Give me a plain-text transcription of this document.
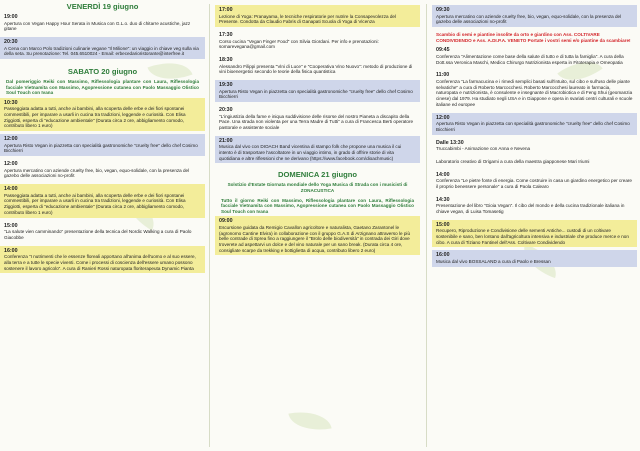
VENERDÌ 19 giugno
19:00
Apertura con Vegan Happy Hour Serata in Musica con G.L.o. duo di chitarre acustiche, jazz gitane
20:30
A Cena con Marco Polo tradizioni culinarie vegane "Il Milione": un viaggio in chiave veg sulla via della seta. Su prenotazione: Tel. 045.6510024 - Email: erbecedarioristorante@interfree.it
SABATO 20 giugno
Dal pomeriggio Reiki con Massimo, Riflessologia plantare con Laura, Riflessologia facciale Vietnamita con Massimo, Agopressione cutanea con Paolo Massaggio Olistico Soul Touch con Ivana
10:30
Passeggiata adatta a tutti, anche ai bambini, alla scoperta delle erbe e dei fiori spontanei commestibili, per imparare a usarli in cucina tra tradizioni, leggende e curiosità. Con Elisa Ziggiotti, esperta di "educazione ambientale" (Durata circa 2 ore, abbigliamento comodo, contributo libero 1 euro)
12:00
Apertura Risto Vegan in piazzetta con specialità gastronomiche "cruelty free" dello chef Cosimo Bicchierri
12:00
Apertura mercatino con aziende cruelty free, bio, vegan, equo-solidale, con la presenza del gazebo delle associazioni no-profit
14:00
Passeggiata adatta a tutti, anche ai bambini, alla scoperta delle erbe e dei fiori spontanei commestibili, per imparare a usarli in cucina tra tradizioni, leggende e curiosità. Con Elisa Ziggiotti, esperta di "educazione ambientale" (Durata circa 2 ore, abbigliamento comodo, contributo libero 1 euro)
15:00
"La salute vien camminando" presentazione della tecnica del Nordic Walking a cura di Paolo Giacobbe
16:00
Conferenza "I nutrimenti che le essenze floreali apportano all'anima dell'uomo e al suo essere, alla terra e a tutte le specie viventi. Come i processi di coscienza dell'essere umano possono sostenere il lavoro agricolo". A cura di Ranieri Rossi naturopata floriterapeuta Dynamic Pianta
17:00
Lezione di Yoga: Pranayama, le tecniche respiratorie per nutrire la Consapevolezza del Presente. Condotta da Claudio Fabris di Ganapati Scuola di Yoga di Vicenza
17:30
Corso cucina "Vegan Finger Food" con Silvia Giordani. Per info e prenotazioni: somarevegana@gmail.com
18:30
Alessandro Filippi presenta "Vini di Luce" e "Cooperativa Vino Nuovo": metodo di produzione di vini bioenergetici secondo le teorie della fisica quantistica
19:30
Apertura Risto Vegan in piazzetta con specialità gastronomiche "cruelty free" dello chef Cosimo Bicchierri
20:30
"L'ingiustizia della fame e iniqua suddivisione delle risorse del nostro Pianeta a discapito della Pace. Una strada non violenta per una Terra Madre di Tutti" a cura di Francesca Berti operatore pastorale e assistente sociale
21:00
Musica dal vivo con DIOACH Band vicentina di stampo folk che propone una musica il cui intento è di trasportare l'ascoltatore in un viaggio intimo, in grado di offrire storie di vita quotidiana e altre riflessioni che ne derivano (https://www.facebook.com/dioachmusic)
DOMENICA 21 giugno
Solstizio d'Estate Giornata mondiale dello Yoga Musica di Strada con i musicisti di ZONACUSTICA
Tutto il giorno Reiki con Massimo, Riflessologia plantare con Laura, Riflessologia facciale Vietnamita con Massimo, Agopressione cutanea con Paolo Massaggio Olistico Soul Touch con Ivana
09:00
Escursione guidata da Remigio Cavallon agricoltore e naturalista, Gaetano Zarantonel le (agronomo Cantine Elvira) in collaborazione con il gruppo G.A.S di Arzignano attraverso le più belle contrade di Sprea fino a raggiungere il "Brolo delle biodiversità" in contrada dei Giri dove troverete ad aspettarvi un dolce e del vino naturale per un sano break. (Durata circa 4 ore, consigliate scarpe da trekking e bottiglietta di acqua, contributo libero 2 euro)
09:30
Apertura mercatino con aziende cruelty free, bio, vegan, equo-solidale, con la presenza del gazebo delle associazioni no-profit
Scambio di semi e piantine insolite da orto e giardino con Ass. COLTIVARE CONDIVIDENDO e Ass. A.DI.P.A. VENETO Portate i vostri semi e/o piantine da scambiare!
09:45
Conferenza "Alimentazione come base della salute di tutto e di tutta la famiglia". A cura della Dott.ssa Veronica Maschi, Medico Chirurgo Nutrizionista esperta in Fitoterapia e Omeopatia
11:00
Conferenza "La farmacucina e i rimedi semplici basati sull'intuito, sul cibo e sull'uso delle piante selvatiche" a cura di Roberto Marcocchesi. Roberto Marcocchesi laureato in farmacia, naturopata e nutrizionista, è consulente e insegnante di Macrobiotica e di Feng Shui (geomanzia cinese) dal 1979. Ha studiato negli USA e in Giappone e opera in svariati centri culturali e scuole italiane ed europee
12:00
Apertura Risto Vegan in piazzetta con specialità gastronomiche "cruelty free" dello chef Cosimo Bicchierri
Dalle 13:30
Truccabimbi - Animazione con Anna e Nevena
Laboratorio creativo di Origami a cura della maestra giapponese Mari Iriumi
14:00
Conferenza "Le pietre fonte di energia. Come costruire in casa un giardino energetico per creare il proprio benessere personale" a cura di Paola Calearo
14:30
Presentazione del libro "Gioia Vegan". Il cibo del mondo e della cucina tradizionale italiana in chiave vegan, di Luisa Tomasetig
15:00
Recupero, Riproduzione e Condivisione delle sementi Antiche... custodi di un coltivare sostenibile e sano, ben lontano dall'agricoltura intensiva e industriale che produce merce e non cibo. A cura di Tiziano Fantinel dell'Ass. Coltivare Condividendo
16:00
Musica dal vivo BOSSALAND a cura di Paolo e Bressan
